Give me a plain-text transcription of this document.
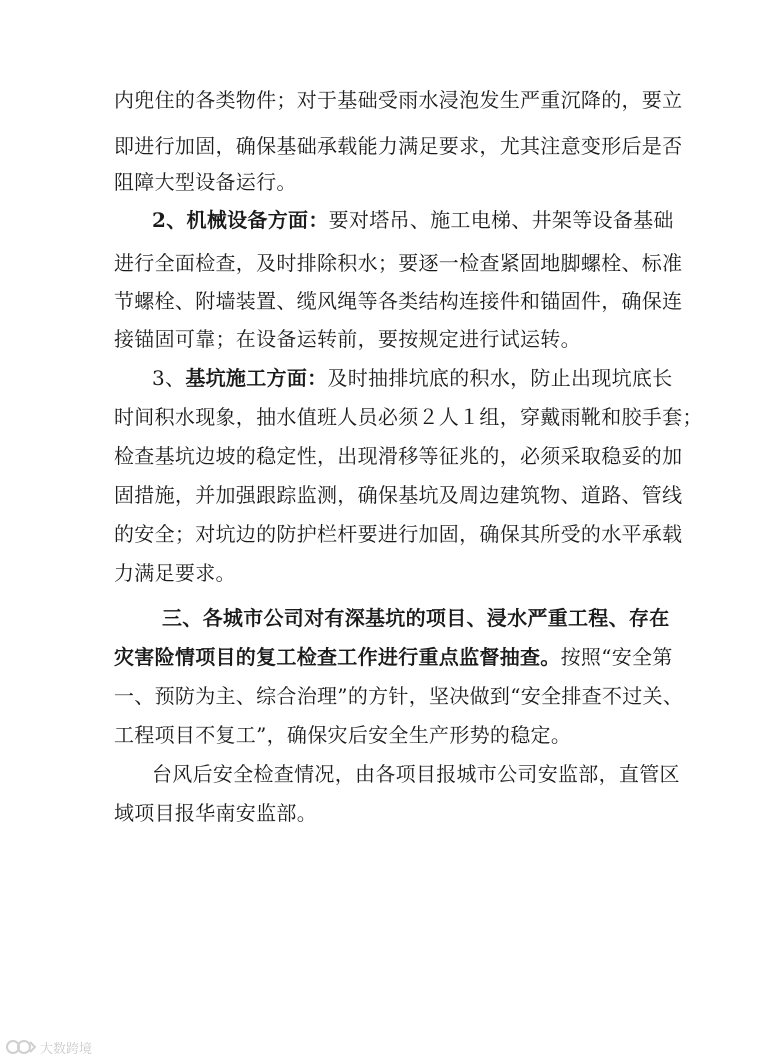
内兜住的各类物件；对于基础受雨水浸泡发生严重沉降的，要立
即进行加固，确保基础承载能力满足要求，尤其注意变形后是否
阻障大型设备运行。
2、机械设备方面：要对塔吊、施工电梯、井架等设备基础
进行全面检查，及时排除积水；要逐一检查紧固地脚螺栓、标准
节螺栓、附墙装置、缆风绳等各类结构连接件和锚固件，确保连
接锚固可靠；在设备运转前，要按规定进行试运转。
3、基坑施工方面：及时抽排坑底的积水，防止出现坑底长
时间积水现象，抽水值班人员必须２人１组，穿戴雨靴和胶手套；
检查基坑边坡的稳定性，出现滑移等征兆的，必须采取稳妥的加
固措施，并加强跟踪监测，确保基坑及周边建筑物、道路、管线
的安全；对坑边的防护栏杆要进行加固，确保其所受的水平承载
力满足要求。
三、各城市公司对有深基坑的项目、浸水严重工程、存在
灾害险情项目的复工检查工作进行重点监督抽查。按照“安全第
一、预防为主、综合治理”的方针，坚决做到“安全排查不过关、
工程项目不复工”，确保灾后安全生产形势的稳定。
台风后安全检查情况，由各项目报城市公司安监部，直管区
域项目报华南安监部。
大数跨境
